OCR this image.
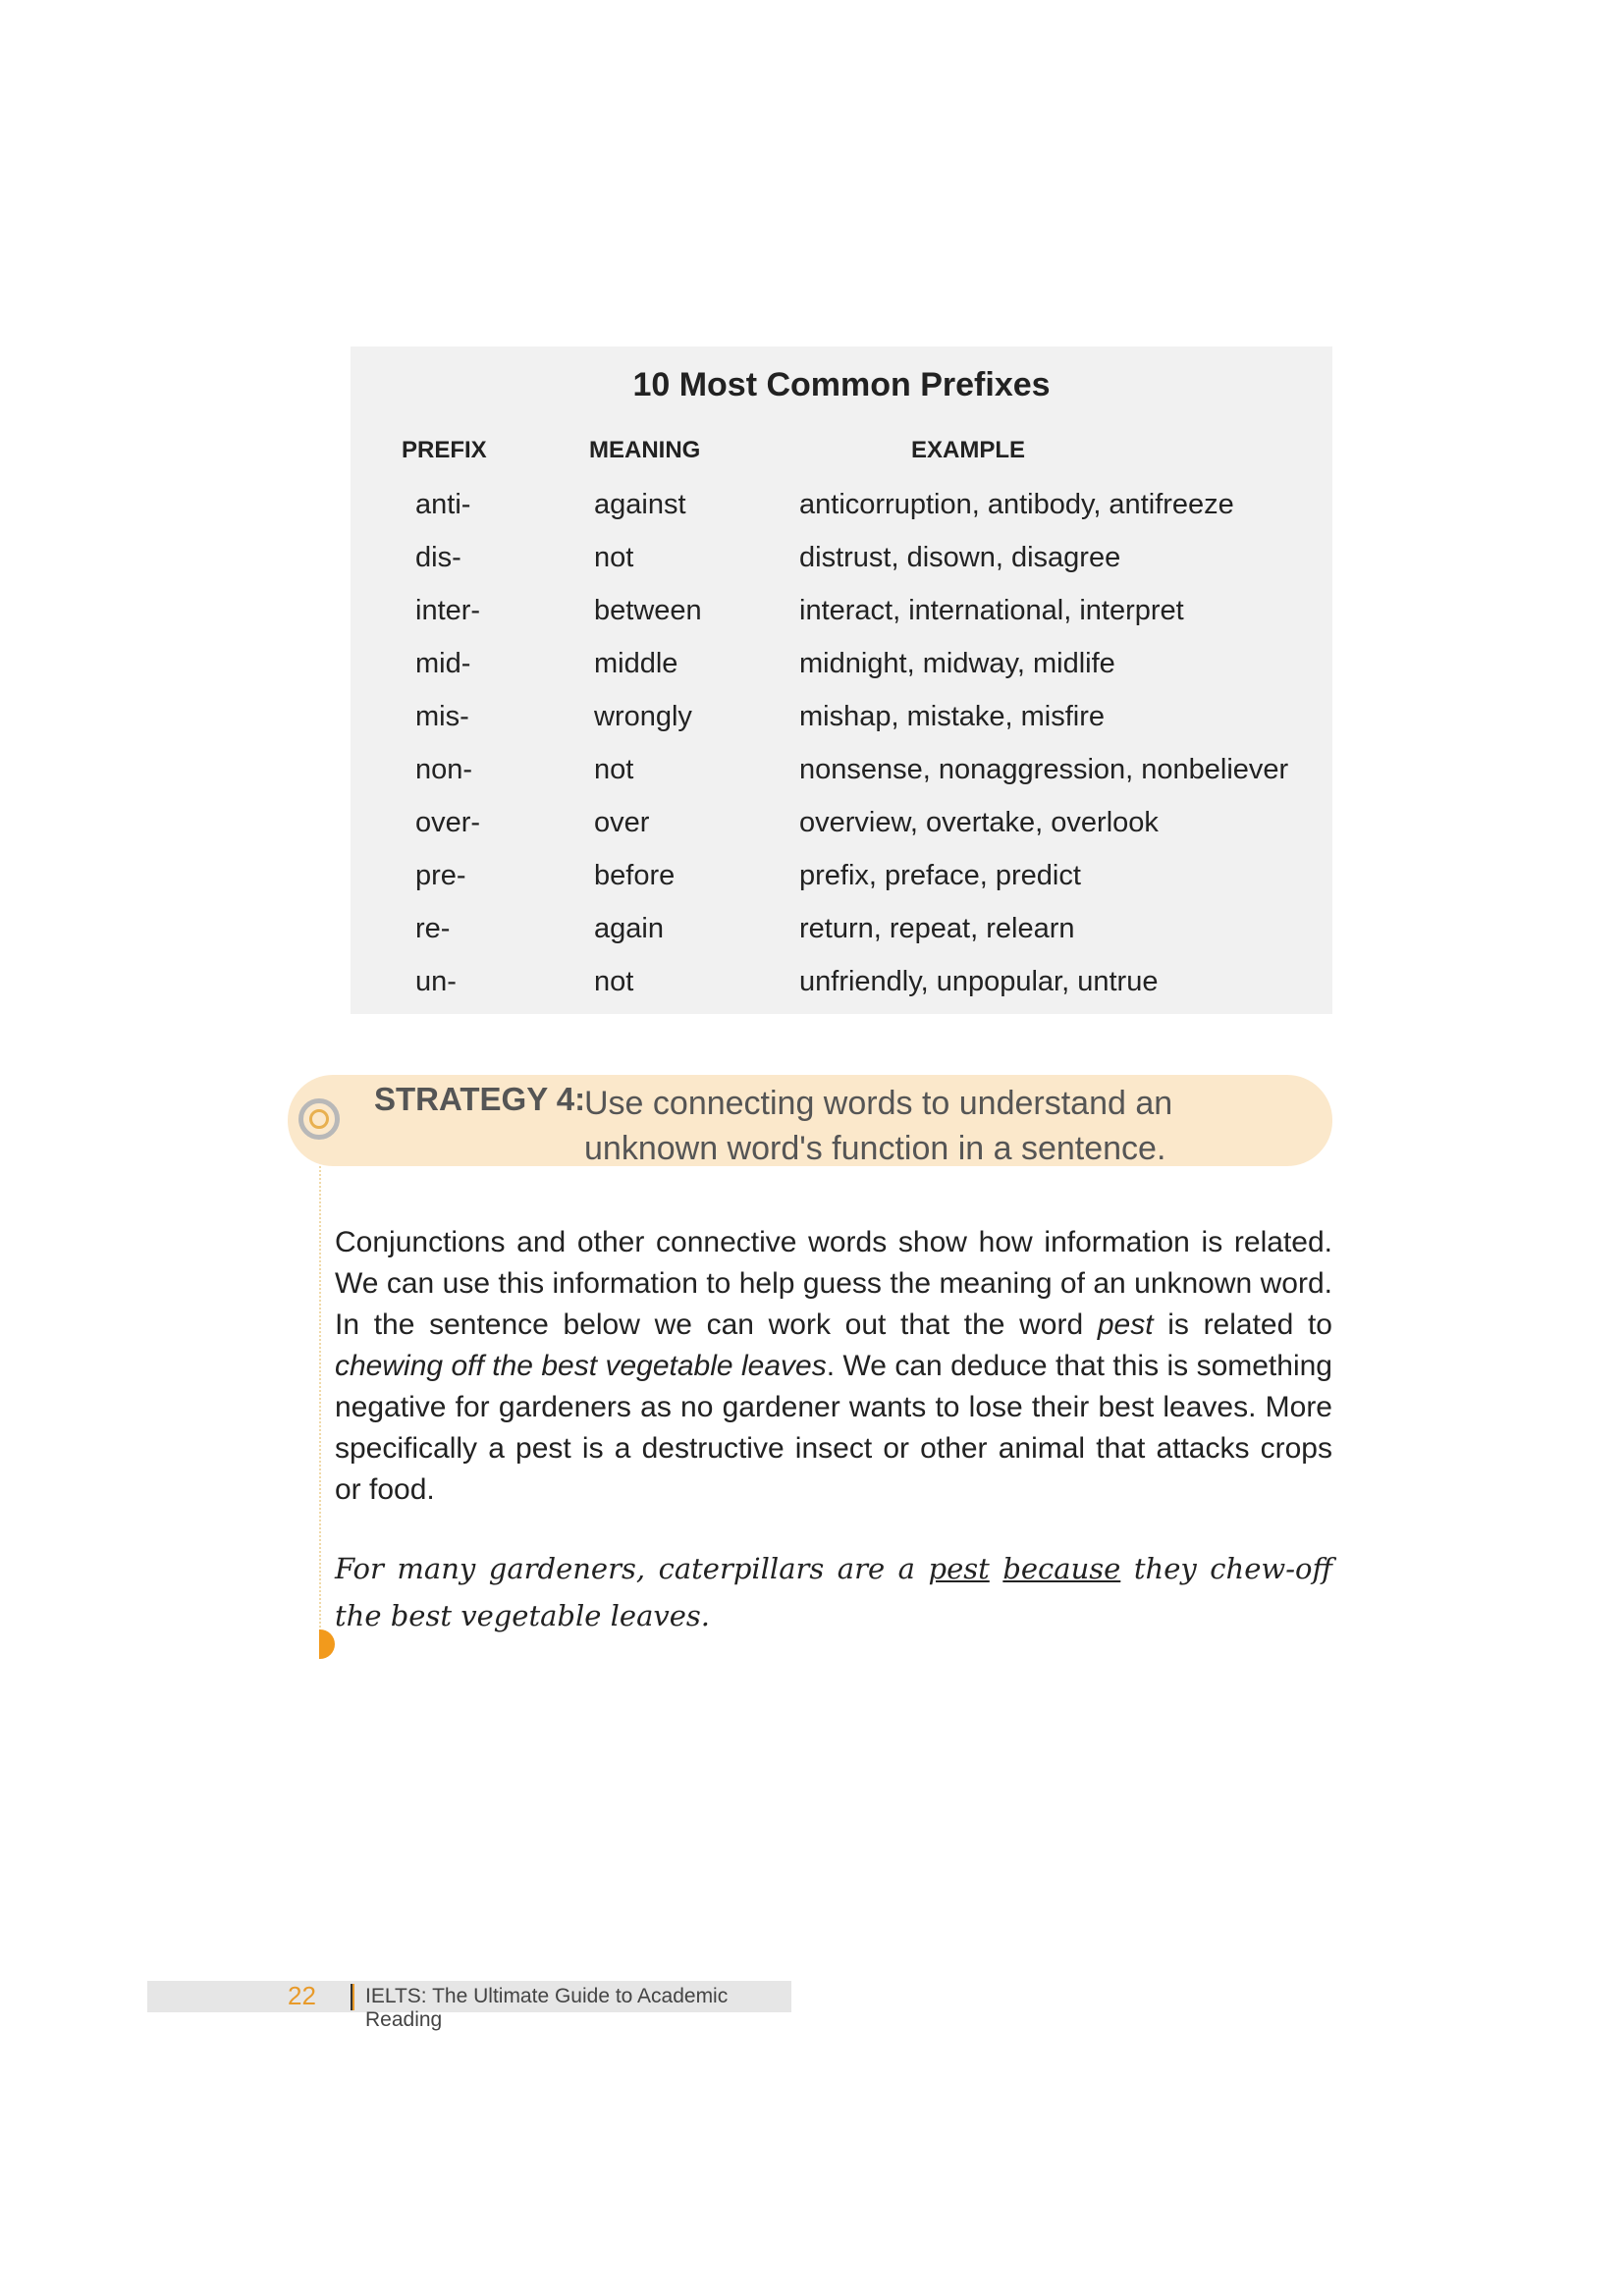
10 Most Common Prefixes
PREFIX	MEANING	EXAMPLE
anti-	against	anticorruption, antibody, antifreeze
dis-	not	distrust, disown, disagree
inter-	between	interact, international, interpret
mid-	middle	midnight, midway, midlife
mis-	wrongly	mishap, mistake, misfire
non-	not	nonsense, nonaggression, nonbeliever
over-	over	overview, overtake, overlook
pre-	before	prefix, preface, predict
re-	again	return, repeat, relearn
un-	not	unfriendly, unpopular, untrue
STRATEGY 4:
Use connecting words to understand an unknown word's function in a sentence.
Conjunctions and other connective words show how information is related. We can use this information to help guess the meaning of an unknown word. In the sentence below we can work out that the word pest is related to chewing off the best vegetable leaves. We can deduce that this is something negative for gardeners as no gardener wants to lose their best leaves. More specifically a pest is a destructive insect or other animal that attacks crops or food.
For many gardeners, caterpillars are a pest because they chew-off the best vegetable leaves.
22 IELTS: The Ultimate Guide to Academic Reading
